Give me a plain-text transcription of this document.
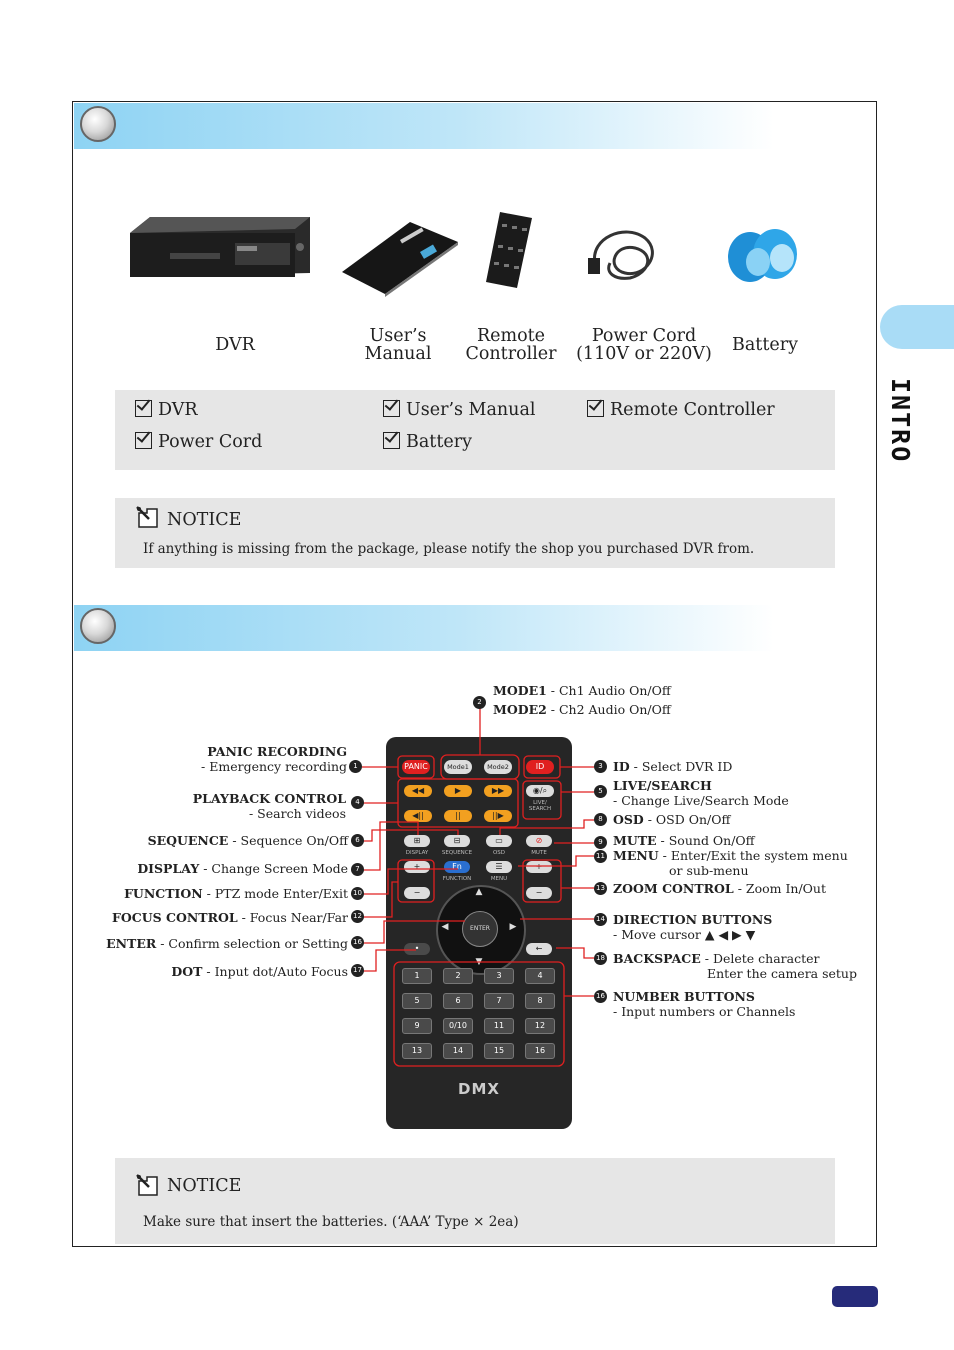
INTRO
DVR	User’s
Manual
Remote
Controller
Power Cord
(110V or 220V)	Battery
DVR	User’s Manual	Remote Controller
Power Cord	Battery
NOTICE
If anything is missing from the package, please notify the shop you purchased DVR from.
PANIC	Mode1	Mode2	ID
◀◀	▶	▶▶
◀||	||	||▶
◉/⌕
LIVE/ SEARCH
⊞
DISPLAY
⊟
SEQUENCE
▭
OSD
⊘
MUTE
+	Fn
FUNCTION
☰
MENU
+
−	−
ENTER
▲
▼
◀	▶
•	←
1	2	3	4
5	6	7	8
9	0/10	11	12
13	14	15	16
DMX
2
MODE1 - Ch1 Audio On/Off
MODE2 - Ch2 Audio On/Off
PANIC RECORDING
- Emergency recording 1
PLAYBACK CONTROL
- Search videos
4
SEQUENCE - Sequence On/Off	6
DISPLAY - Change Screen Mode	7
FUNCTION - PTZ mode Enter/Exit 10
FOCUS CONTROL - Focus Near/Far 12
ENTER - Confirm selection or Setting 16
DOT - Input dot/Auto Focus 17
3 ID - Select DVR ID
5 LIVE/SEARCH
- Change Live/Search Mode
8 OSD - OSD On/Off
9 MUTE - Sound On/Off
11 MENU - Enter/Exit the system menu
or sub-menu
13 ZOOM CONTROL - Zoom In/Out
14 DIRECTION BUTTONS
- Move cursor ▲ ◀ ▶ ▼
18 BACKSPACE - Delete character
Enter the camera setup
16 NUMBER BUTTONS
- Input numbers or Channels
NOTICE
Make sure that insert the batteries. (‘AAA’ Type × 2ea)
